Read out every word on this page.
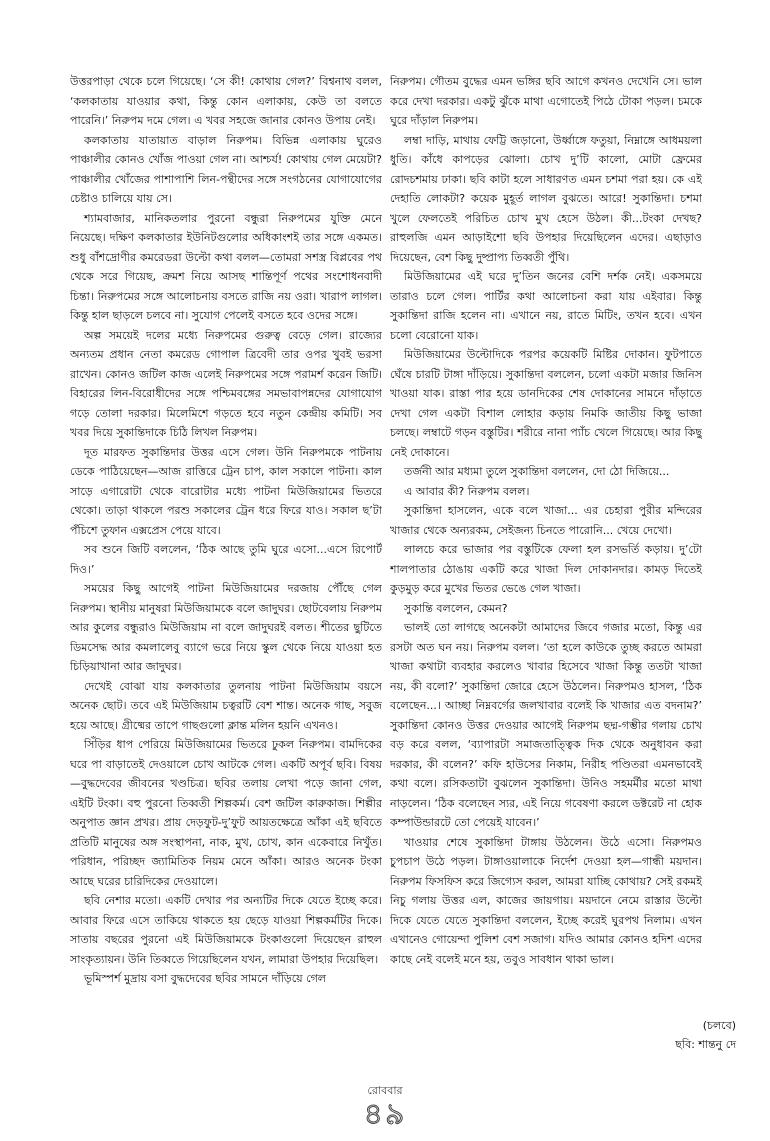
উত্তরপাড়া থেকে চলে গিয়েছে। ‘সে কী! কোথায় গেল?’ বিশ্বনাথ বলল, ‘কলকাতায় যাওয়ার কথা, কিন্তু কোন এলাকায়, কেউ তা বলতে পারেনি।’ নিরুপম দমে গেল। এ খবর সহজে জানার কোনও উপায় নেই।

কলকাতায় যাতায়াত বাড়াল নিরুপম। বিভিন্ন এলাকায় ঘুরেও পাঞ্চালীর কোনও খোঁজ পাওয়া গেল না। আশ্চর্য! কোথায় গেল মেয়েটা? পাঞ্চালীর খোঁজের পাশাপাশি লিন-পন্থীদের সঙ্গে সংগঠনের যোগাযোগের চেষ্টাও চালিয়ে যায় সে।

শ্যামবাজার, মানিকতলার পুরনো বন্ধুরা নিরুপমের যুক্তি মেনে নিয়েছে। দক্ষিণ কলকাতার ইউনিটগুলোর অধিকাংশই তার সঙ্গে একমত। শুধু বাঁশদ্রোণীর কমরেডরা উল্টো কথা বলল—তোমরা সশস্ত্র বিপ্লবের পথ থেকে সরে গিয়েছ, ক্রমশ নিয়ে আসছ শান্তিপূর্ণ পথের সংশোধনবাদী চিন্তা। নিরুপমের সঙ্গে আলোচনায় বসতে রাজি নয় ওরা। খারাপ লাগল। কিন্তু হাল ছাড়লে চলবে না। সুযোগ পেলেই বসতে হবে ওদের সঙ্গে।

অল্প সময়েই দলের মধ্যে নিরুপমের গুরুত্ব বেড়ে গেল। রাজ্যের অন্যতম প্রধান নেতা কমরেড গোপাল ত্রিবেদী তার ওপর খুবই ভরসা রাখেন। কোনও জটিল কাজ এলেই নিরুপমের সঙ্গে পরামর্শ করেন জিটি। বিহারের লিন-বিরোধীদের সঙ্গে পশ্চিমবঙ্গের সমভাবাপন্নদের যোগাযোগ গড়ে তোলা দরকার। মিলেমিশে গড়তে হবে নতুন কেন্দ্রীয় কমিটি। সব খবর দিয়ে সুকান্তিদাকে চিঠি লিখল নিরুপম।

দূত মারফত সুকান্তিদার উত্তর এসে গেল। উনি নিরুপমকে পাটনায় ডেকে পাঠিয়েছেন—আজ রাত্তিরে ট্রেন চাপ, কাল সকালে পাটনা। কাল সাড়ে এগারোটা থেকে বারোটার মধ্যে পাটনা মিউজিয়ামের ভিতরে থেকো। তাড়া থাকলে পরশু সকালের ট্রেন ধরে ফিরে যাও। সকাল ছ’টা পঁচিশে তুফান এক্সপ্রেস পেয়ে যাবে।

সব শুনে জিটি বললেন, ‘ঠিক আছে তুমি ঘুরে এসো...এসে রিপোর্ট দিও।’

সময়ের কিছু আগেই পাটনা মিউজিয়ামের দরজায় পৌঁছে গেল নিরুপম। স্থানীয় মানুষরা মিউজিয়ামকে বলে জাদুঘর। ছোটবেলায় নিরুপম আর কুলের বন্ধুরাও মিউজিয়াম না বলে জাদুঘরই বলত। শীতের ছুটিতে ডিমসেদ্ধ আর কমলালেবু ব্যাগে ভরে নিয়ে স্কুল থেকে নিয়ে যাওয়া হত চিড়িয়াখানা আর জাদুঘর।

দেখেই বোঝা যায় কলকাতার তুলনায় পাটনা মিউজিয়াম বয়সে অনেক ছোট। তবে এই মিউজিয়াম চত্বরটি বেশ শান্ত। অনেক গাছ, সবুজ হয়ে আছে। গ্রীষ্মের তাপে গাছগুলো ক্লান্ত মলিন হয়নি এখনও।

সিঁড়ির ধাপ পেরিয়ে মিউজিয়ামের ভিতরে ঢুকল নিরুপম। বামদিকের ঘরে পা বাড়াতেই দেওয়ালে চোখ আটকে গেল। একটি অপূর্ব ছবি। বিষয়—বুদ্ধদেবের জীবনের খণ্ডচিত্র। ছবির তলায় লেখা পড়ে জানা গেল, এইটি টংকা। বহু পুরনো তিব্বতী শিল্পকর্ম। বেশ জটিল কারুকাজ। শিল্পীর অনুপাত জ্ঞান প্রখর। প্রায় দেড়ফুট-দু’ফুট আয়তক্ষেত্রে আঁকা এই ছবিতে প্রতিটি মানুষের অঙ্গ সংস্থাপনা, নাক, মুখ, চোখ, কান একেবারে নিখুঁত। পরিধান, পরিচ্ছদ জ্যামিতিক নিয়ম মেনে আঁকা। আরও অনেক টংকা আছে ঘরের চারিদিকের দেওয়ালে।

ছবি নেশার মতো। একটি দেখার পর অন্যটির দিকে যেতে ইচ্ছে করে। আবার ফিরে এসে তাকিয়ে থাকতে হয় ছেড়ে যাওয়া শিল্পকর্মটির দিকে। সাতায় বছরের পুরনো এই মিউজিয়ামকে টংকাগুলো দিয়েছেন রাহুল সাংকৃত্যায়ন। উনি তিব্বতে গিয়েছিলেন যখন, লামারা উপহার দিয়েছিল।

ভূমিস্পর্শ মুদ্রায় বসা বুদ্ধদেবের ছবির সামনে দাঁড়িয়ে গেল

নিরুপম। গৌতম বুদ্ধের এমন ভঙ্গির ছবি আগে কখনও দেখেনি সে। ভাল করে দেখা দরকার। একটু ঝুঁকে মাথা এগোতেই পিঠে টোকা পড়ল। চমকে ঘুরে দাঁড়াল নিরুপম।

লম্বা দাড়ি, মাথায় ফেট্টি জড়ানো, উর্ধ্বাঙ্গে ফতুয়া, নিম্নাঙ্গে আধময়লা ধুতি। কাঁধে কাপড়ের ঝোলা। চোখ দু’টি কালো, মোটা ফ্রেমের রোদচশমায় ঢাকা। ছবি কাটা হলে সাধারণত এমন চশমা পরা হয়। কে এই দেহাতি লোকটা? কয়েক মুহূর্ত লাগল বুঝতে। আরে! সুকান্তিদা। চশমা খুলে ফেলতেই পরিচিত চোখ মুখ হেসে উঠল। কী...টংকা দেখছ? রাহুলজি এমন আড়াইশো ছবি উপহার দিয়েছিলেন এদের। এছাড়াও দিয়েছেন, বেশ কিছু দুষ্প্রাপ্য তিব্বতী পুঁথি।

মিউজিয়ামের এই ঘরে দু’তিন জনের বেশি দর্শক নেই। একসময়ে তারাও চলে গেল। পার্টির কথা আলোচনা করা যায় এইবার। কিন্তু সুকান্তিদা রাজি হলেন না। এখানে নয়, রাতে মিটিং, তখন হবে। এখন চলো বেরোনো যাক।

মিউজিয়ামের উল্টোদিকে পরপর কয়েকটি মিষ্টির দোকান। ফুটপাতে ঘেঁষে চারটি টাঙ্গা দাঁড়িয়ে। সুকান্তিদা বললেন, চলো একটা মজার জিনিস খাওয়া যাক। রাস্তা পার হয়ে ডানদিকের শেষ দোকানের সামনে দাঁড়াতে দেখা গেল একটা বিশাল লোহার কড়ায় নিমকি জাতীয় কিছু ভাজা চলছে। লম্বাটে গড়ন বস্তুটির। শরীরে নানা প্যাঁচ খেলে গিয়েছে। আর কিছু নেই দোকানে।

তর্জনী আর মধ্যমা তুলে সুকান্তিদা বললেন, দো ঠো দিজিয়ে...

এ আবার কী? নিরুপম বলল।

সুকান্তিদা হাসলেন, একে বলে খাজা... এর চেহারা পুরীর মন্দিরের খাজার থেকে অন্যরকম, সেইজন্য চিনতে পারোনি... খেয়ে দেখো।

লালচে করে ভাজার পর বস্তুটিকে ফেলা হল রসভর্তি কড়ায়। দু’টো শালপাতার ঠোঙায় একটি করে খাজা দিল দোকানদার। কামড় দিতেই কুড়মুড় করে মুখের ভিতর ভেঙে গেল খাজা।

সুকান্তি বললেন, কেমন?

ভালই তো লাগছে অনেকটা আমাদের জিবে গজার মতো, কিন্তু এর রসটা অত ঘন নয়। নিরুপম বলল। ‘তা হলে কাউকে তুচ্ছ করতে আমরা খাজা কথাটা ব্যবহার করলেও খাবার হিসেবে খাজা কিন্তু ততটা খাজা নয়, কী বলো?’ সুকান্তিদা জোরে হেসে উঠলেন। নিরুপমও হাসল, ‘ঠিক বলেছেন...। আচ্ছা নিম্নবর্গের জলখাবার বলেই কি খাজার এত বদনাম?’ সুকান্তিদা কোনও উত্তর দেওয়ার আগেই নিরুপম ছদ্ম-গম্ভীর গলায় চোখ বড় করে বলল, ‘ব্যাপারটা সমাজতাত্ত্বিক দিক থেকে অনুধাবন করা দরকার, কী বলেন?’ কফি হাউসের নিকাম, নিরীহ পণ্ডিতরা এমনভাবেই কথা বলে। রসিকতাটা বুঝলেন সুকান্তিদা। উনিও সহমর্মীর মতো মাথা নাড়লেন। ‘ঠিক বলেছেন স্যর, এই নিয়ে গবেষণা করলে ডক্টরেট না হোক কম্পাউন্ডারটে তো পেয়েই যাবেন।’

খাওয়ার শেষে সুকান্তিদা টাঙ্গায় উঠলেন। উঠে এসো। নিরুপমও চুপচাপ উঠে পড়ল। টাঙ্গাওয়ালাকে নির্দেশ দেওয়া হল—গান্ধী ময়দান। নিরুপম ফিসফিস করে জিগ্যেস করল, আমরা যাচ্ছি কোথায়? সেই রকমই নিচু গলায় উত্তর এল, কাজের জায়গায়। ময়দানে নেমে রাস্তার উল্টো দিকে যেতে যেতে সুকান্তিদা বললেন, ইচ্ছে করেই ঘুরপথ নিলাম। এখন এখানেও গোয়েন্দা পুলিশ বেশ সজাগ। যদিও আমার কোনও হদিশ এদের কাছে নেই বলেই মনে হয়, তবুও সাবধান থাকা ভাল।

(চলবে)
ছবি: শান্তনু দে
রোববার
৪৯
